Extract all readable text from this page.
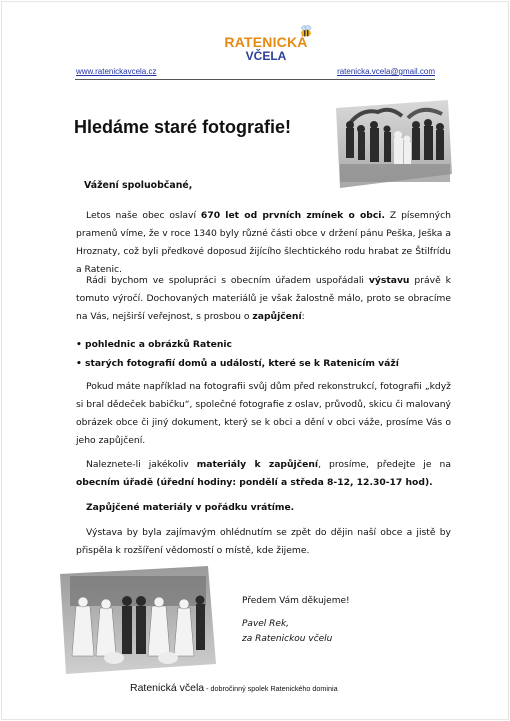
RATENICKÁ
VČELA
www.ratenickavcela.cz	ratenicka.vcela@gmail.com
Hledáme staré fotografie!
Vážení spoluobčané,

Letos naše obec oslaví 670 let od prvních zmínek o obci. Z písemných pramenů víme, že v roce 1340 byly různé části obce v držení pánu Peška, Ješka a Hroznaty, což byli předkové doposud žijícího šlechtického rodu hrabat ze Štilfrídu a Ratenic.

Rádi bychom ve spolupráci s obecním úřadem uspořádali výstavu právě k tomuto výročí. Dochovaných materiálů je však žalostně málo, proto se obracíme na Vás, nejširší veřejnost, s prosbou o zapůjčení:

• pohlednic a obrázků Ratenic
• starých fotografií domů a událostí, které se k Ratenicím váží

Pokud máte například na fotografii svůj dům před rekonstrukcí, fotografii „když si bral dědeček babičku“, společné fotografie z oslav, průvodů, skicu či malovaný obrázek obce či jiný dokument, který se k obci a dění v obci váže, prosíme Vás o jeho zapůjčení.

Naleznete-li jakékoliv materiály k zapůjčení, prosíme, předejte je na obecním úřadě (úřední hodiny: pondělí a středa 8-12, 12.30-17 hod).

Zapůjčené materiály v pořádku vrátíme.

Výstava by byla zajímavým ohlédnutím se zpět do dějin naší obce a jistě by přispěla k rozšíření vědomostí o místě, kde žijeme.

Předem Vám děkujeme!
Pavel Rek,
za Ratenickou včelu
Ratenická včela - dobročinný spolek Ratenického dominia
